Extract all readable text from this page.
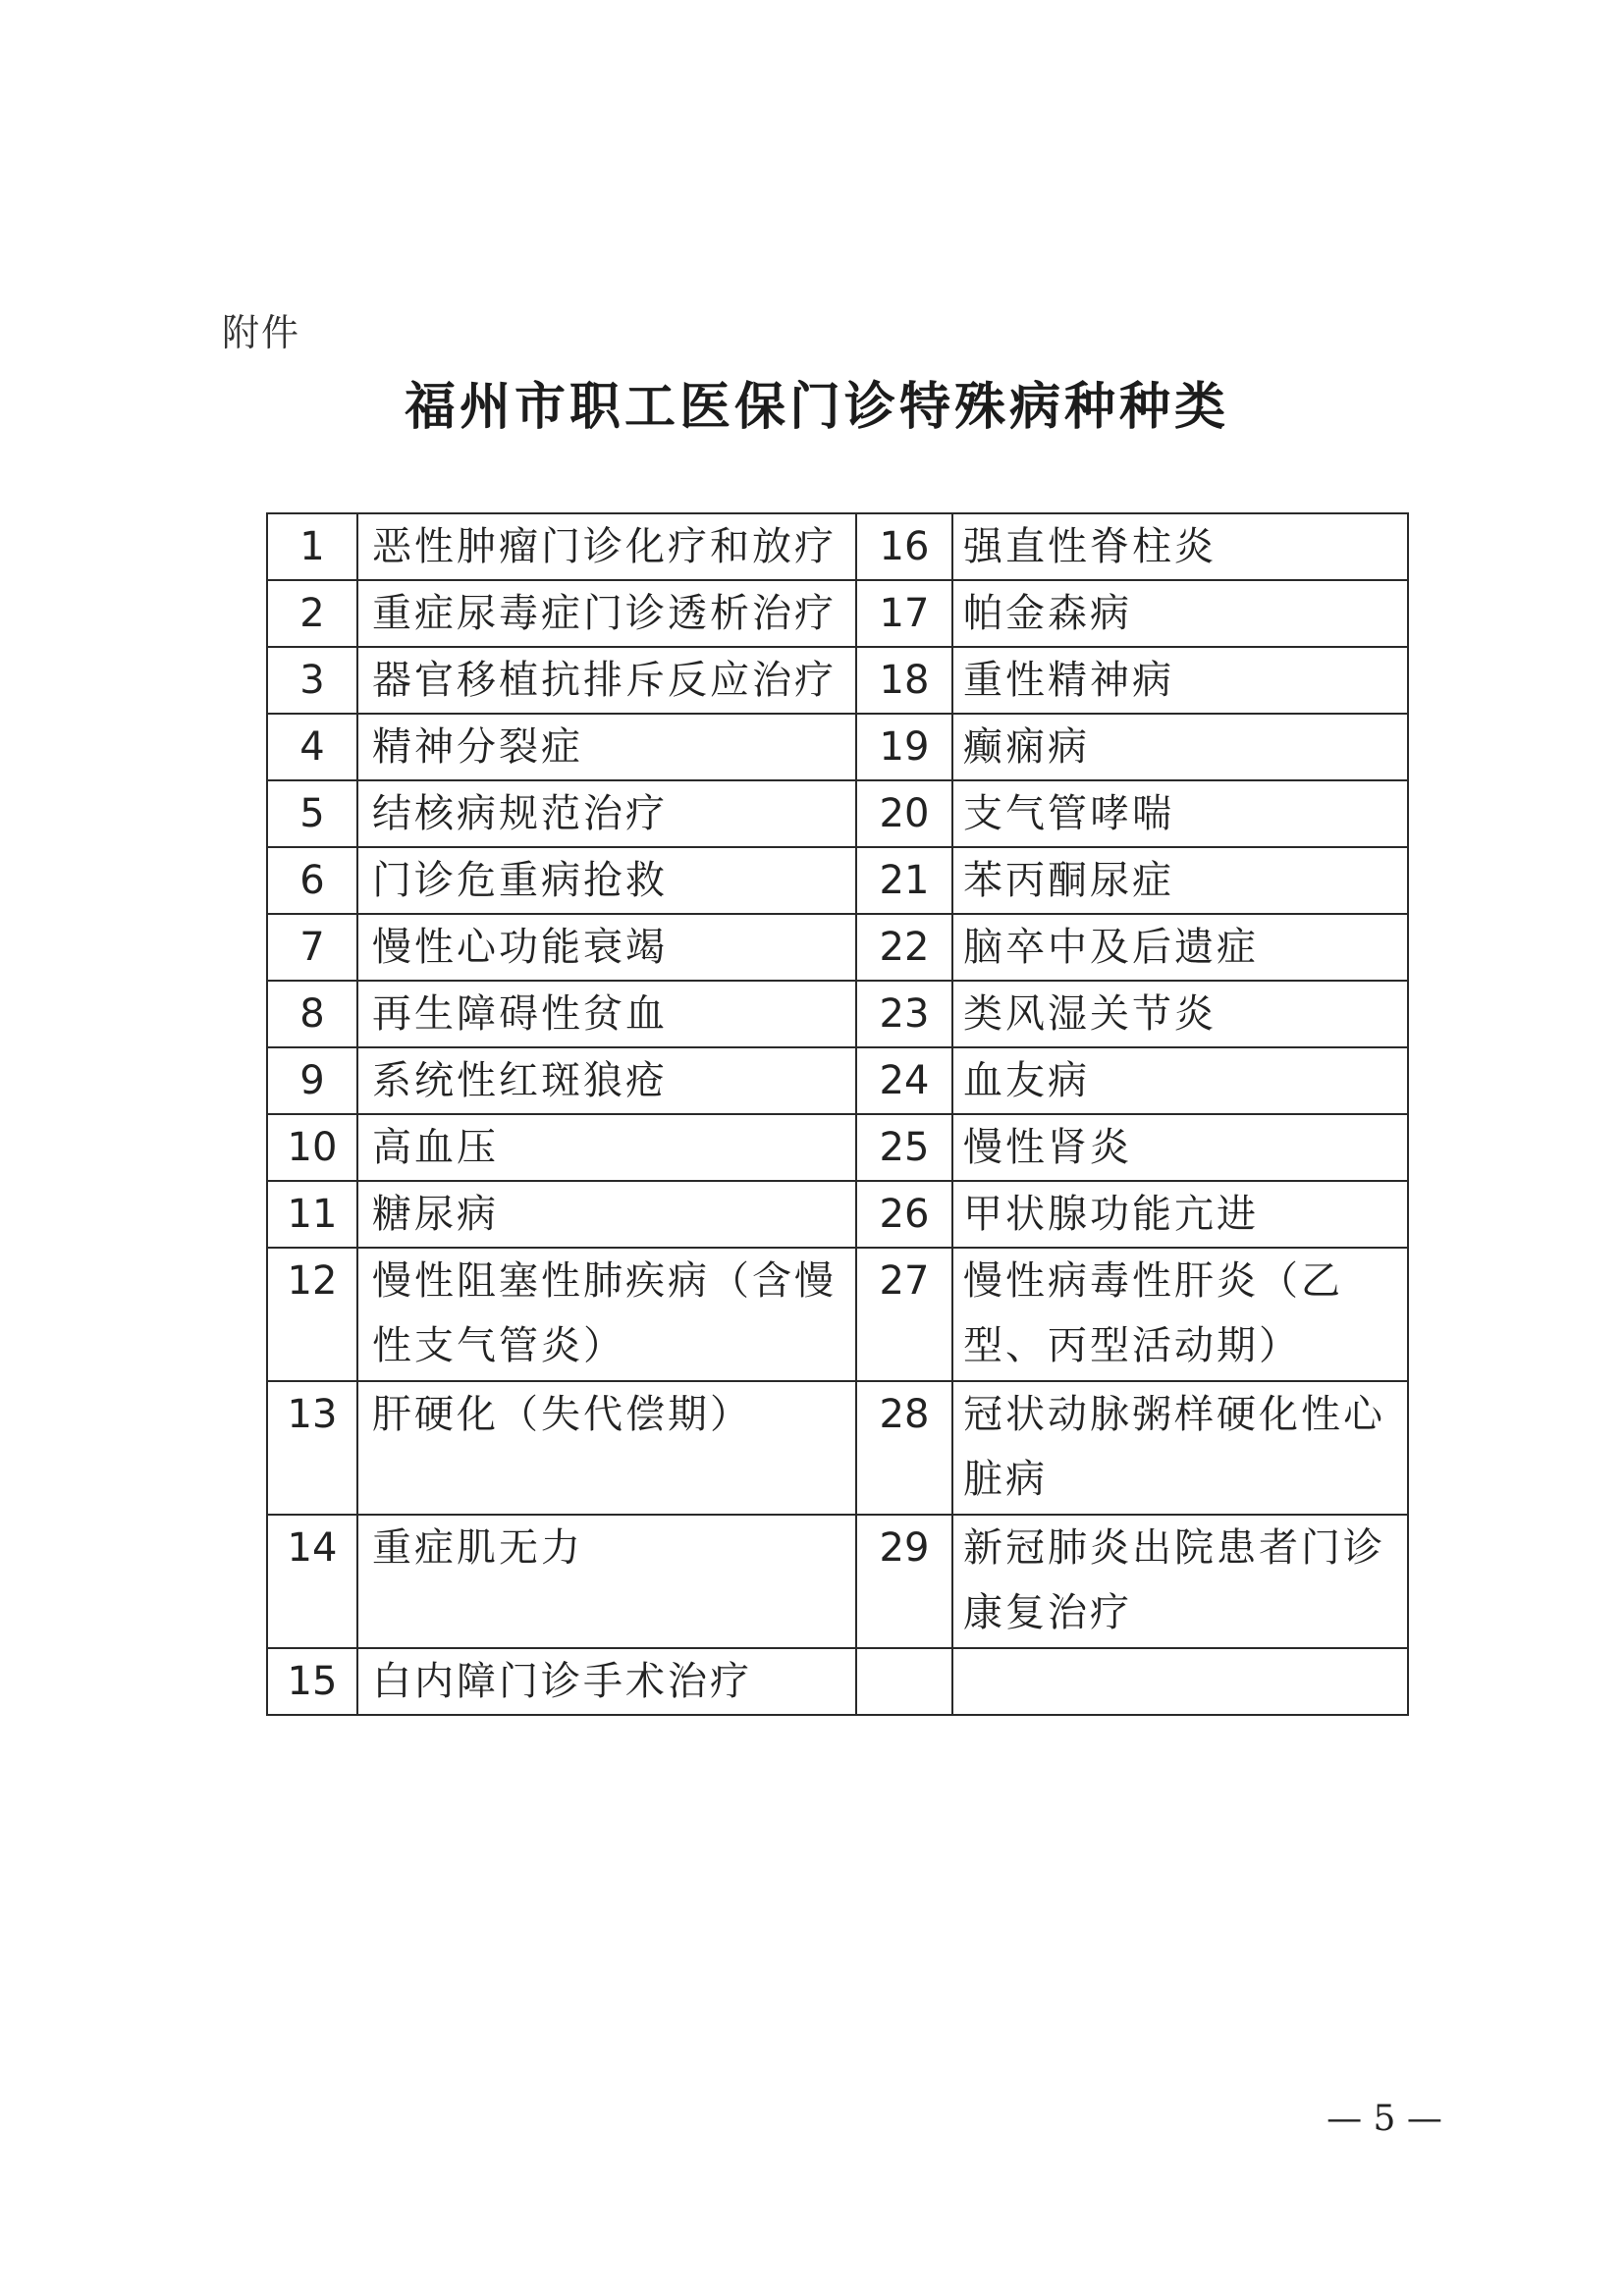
附件
福州市职工医保门诊特殊病种种类
1	恶性肿瘤门诊化疗和放疗	16	强直性脊柱炎
2	重症尿毒症门诊透析治疗	17	帕金森病
3	器官移植抗排斥反应治疗	18	重性精神病
4	精神分裂症	19	癫痫病
5	结核病规范治疗	20	支气管哮喘
6	门诊危重病抢救	21	苯丙酮尿症
7	慢性心功能衰竭	22	脑卒中及后遗症
8	再生障碍性贫血	23	类风湿关节炎
9	系统性红斑狼疮	24	血友病
10	高血压	25	慢性肾炎
11	糖尿病	26	甲状腺功能亢进
12	慢性阻塞性肺疾病（含慢性支气管炎）	27	慢性病毒性肝炎（乙型、丙型活动期）
13	肝硬化（失代偿期）	28	冠状动脉粥样硬化性心脏病
14	重症肌无力	29	新冠肺炎出院患者门诊康复治疗
15	白内障门诊手术治疗		
— 5 —
